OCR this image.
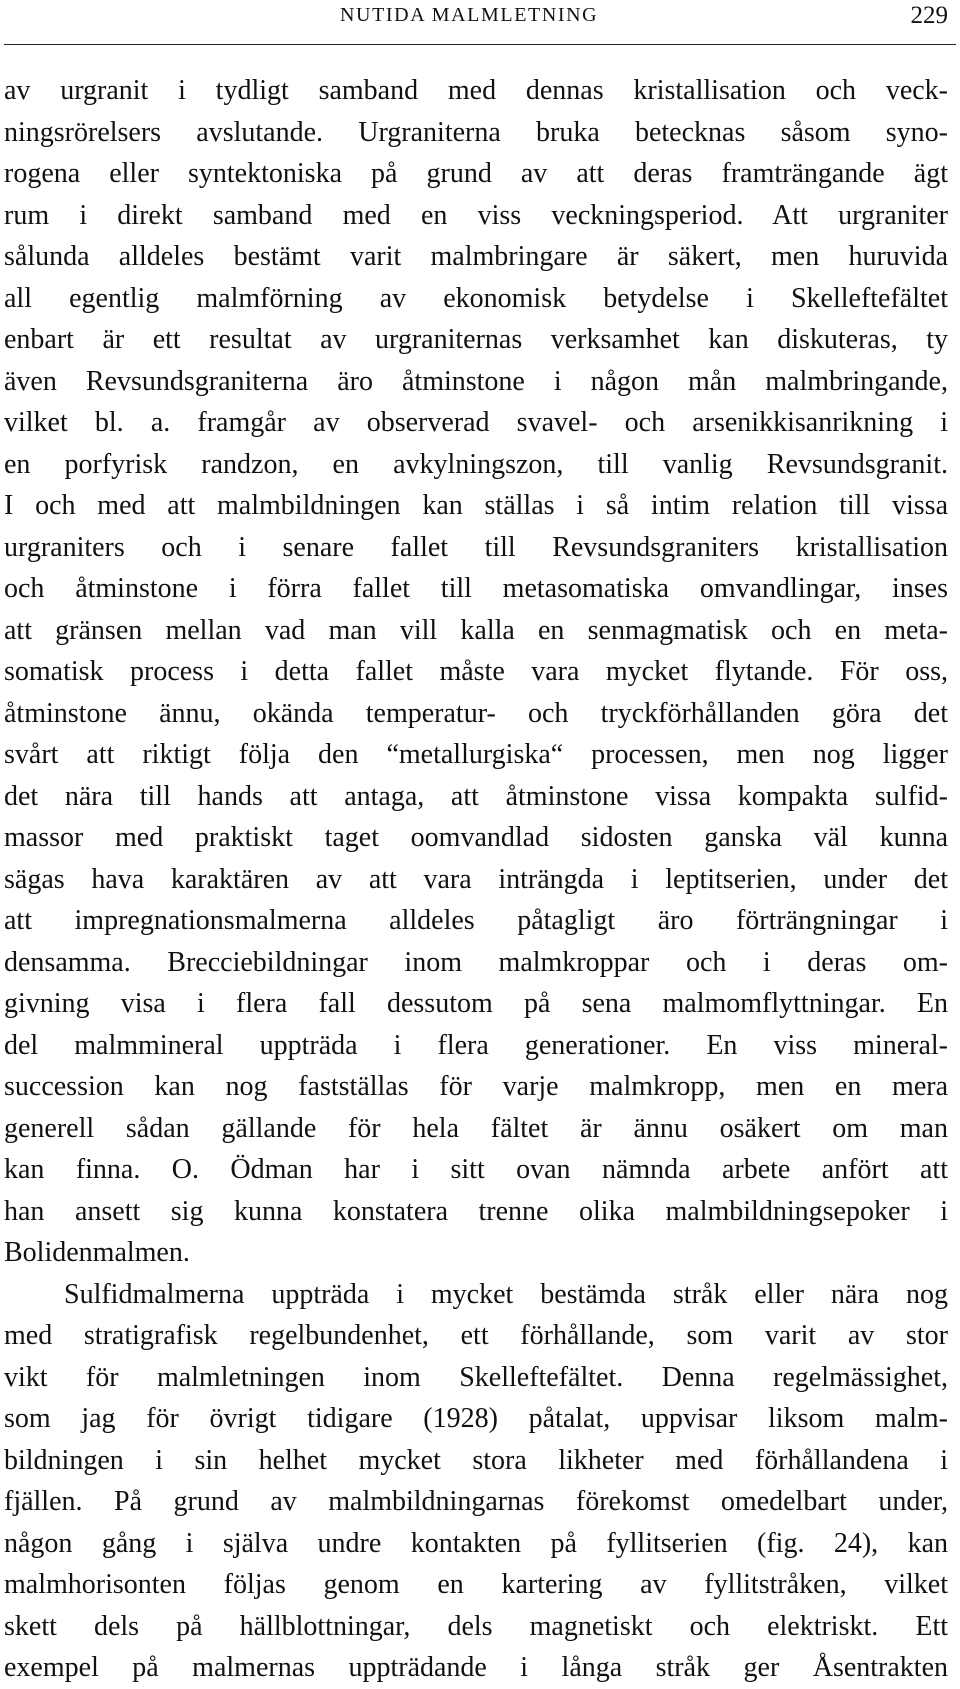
NUTIDA MALMLETNING	229
av urgranit i tydligt samband med dennas kristallisation och veck-
ningsrörelsers avslutande. Urgraniterna bruka betecknas såsom syno-
rogena eller syntektoniska på grund av att deras framträngande ägt
rum i direkt samband med en viss veckningsperiod. Att urgraniter
sålunda alldeles bestämt varit malmbringare är säkert, men huruvida
all egentlig malmförning av ekonomisk betydelse i Skelleftefältet
enbart är ett resultat av urgraniternas verksamhet kan diskuteras, ty
även Revsundsgraniterna äro åtminstone i någon mån malmbringande,
vilket bl. a. framgår av observerad svavel- och arsenikkisanrikning i
en porfyrisk randzon, en avkylningszon, till vanlig Revsundsgranit.
I och med att malmbildningen kan ställas i så intim relation till vissa
urgraniters och i senare fallet till Revsundsgraniters kristallisation
och åtminstone i förra fallet till metasomatiska omvandlingar, inses
att gränsen mellan vad man vill kalla en senmagmatisk och en meta-
somatisk process i detta fallet måste vara mycket flytande. För oss,
åtminstone ännu, okända temperatur- och tryckförhållanden göra det
svårt att riktigt följa den “metallurgiska“ processen, men nog ligger
det nära till hands att antaga, att åtminstone vissa kompakta sulfid-
massor med praktiskt taget oomvandlad sidosten ganska väl kunna
sägas hava karaktären av att vara inträngda i leptitserien, under det
att impregnationsmalmerna alldeles påtagligt äro förträngningar i
densamma. Brecciebildningar inom malmkroppar och i deras om-
givning visa i flera fall dessutom på sena malmomflyttningar. En
del malmmineral uppträda i flera generationer. En viss mineral-
succession kan nog fastställas för varje malmkropp, men en mera
generell sådan gällande för hela fältet är ännu osäkert om man
kan finna. O. Ödman har i sitt ovan nämnda arbete anfört att
han ansett sig kunna konstatera trenne olika malmbildningsepoker i
Bolidenmalmen.
Sulfidmalmerna uppträda i mycket bestämda stråk eller nära nog
med stratigrafisk regelbundenhet, ett förhållande, som varit av stor
vikt för malmletningen inom Skelleftefältet. Denna regelmässighet,
som jag för övrigt tidigare (1928) påtalat, uppvisar liksom malm-
bildningen i sin helhet mycket stora likheter med förhållandena i
fjällen. På grund av malmbildningarnas förekomst omedelbart under,
någon gång i själva undre kontakten på fyllitserien (fig. 24), kan
malmhorisonten följas genom en kartering av fyllitstråken, vilket
skett dels på hällblottningar, dels magnetiskt och elektriskt. Ett
exempel på malmernas uppträdande i långa stråk ger Åsentrakten
